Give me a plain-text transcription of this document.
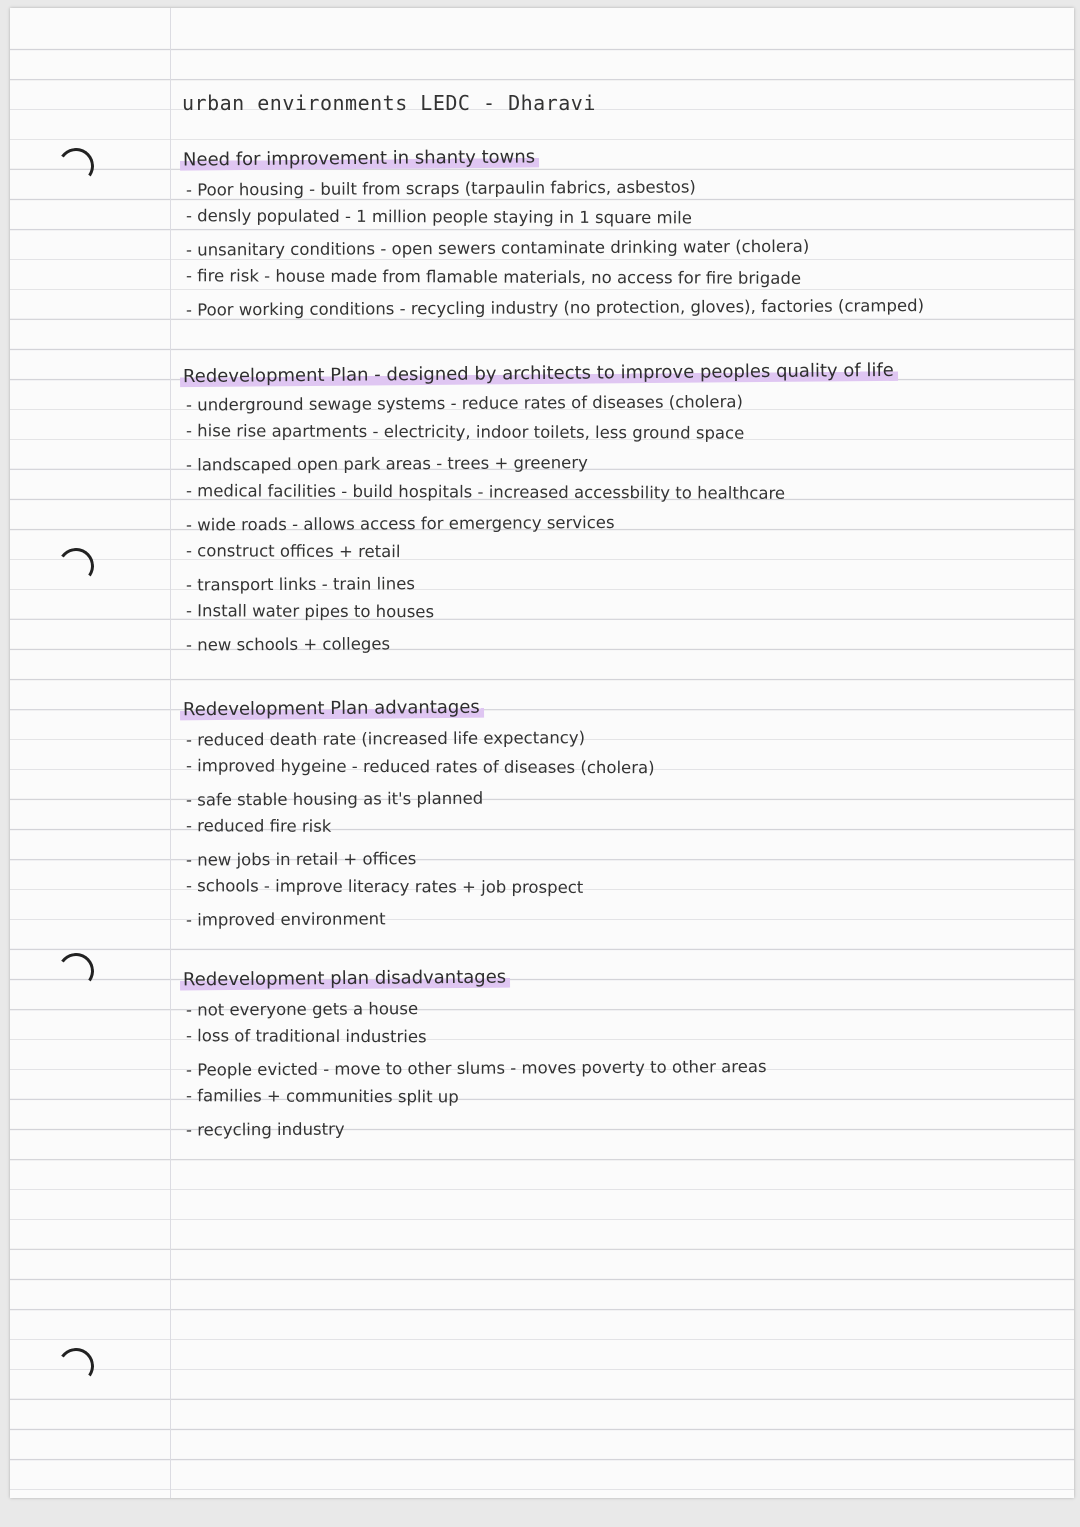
urban environments LEDC - Dharavi
Need for improvement in shanty towns
- Poor housing - built from scraps (tarpaulin fabrics, asbestos)
- densly populated - 1 million people staying in 1 square mile
- unsanitary conditions - open sewers contaminate drinking water (cholera)
- fire risk - house made from flamable materials, no access for fire brigade
- Poor working conditions - recycling industry (no protection, gloves), factories (cramped)
Redevelopment Plan - designed by architects to improve peoples quality of life
- underground sewage systems - reduce rates of diseases (cholera)
- hise rise apartments - electricity, indoor toilets, less ground space
- landscaped open park areas - trees + greenery
- medical facilities - build hospitals - increased accessbility to healthcare
- wide roads - allows access for emergency services
- construct offices + retail
- transport links - train lines
- Install water pipes to houses
- new schools + colleges
Redevelopment Plan advantages
- reduced death rate (increased life expectancy)
- improved hygeine - reduced rates of diseases (cholera)
- safe stable housing as it's planned
- reduced fire risk
- new jobs in retail + offices
- schools - improve literacy rates + job prospect
- improved environment
Redevelopment plan disadvantages
- not everyone gets a house
- loss of traditional industries
- People evicted - move to other slums - moves poverty to other areas
- families + communities split up
- recycling industry
